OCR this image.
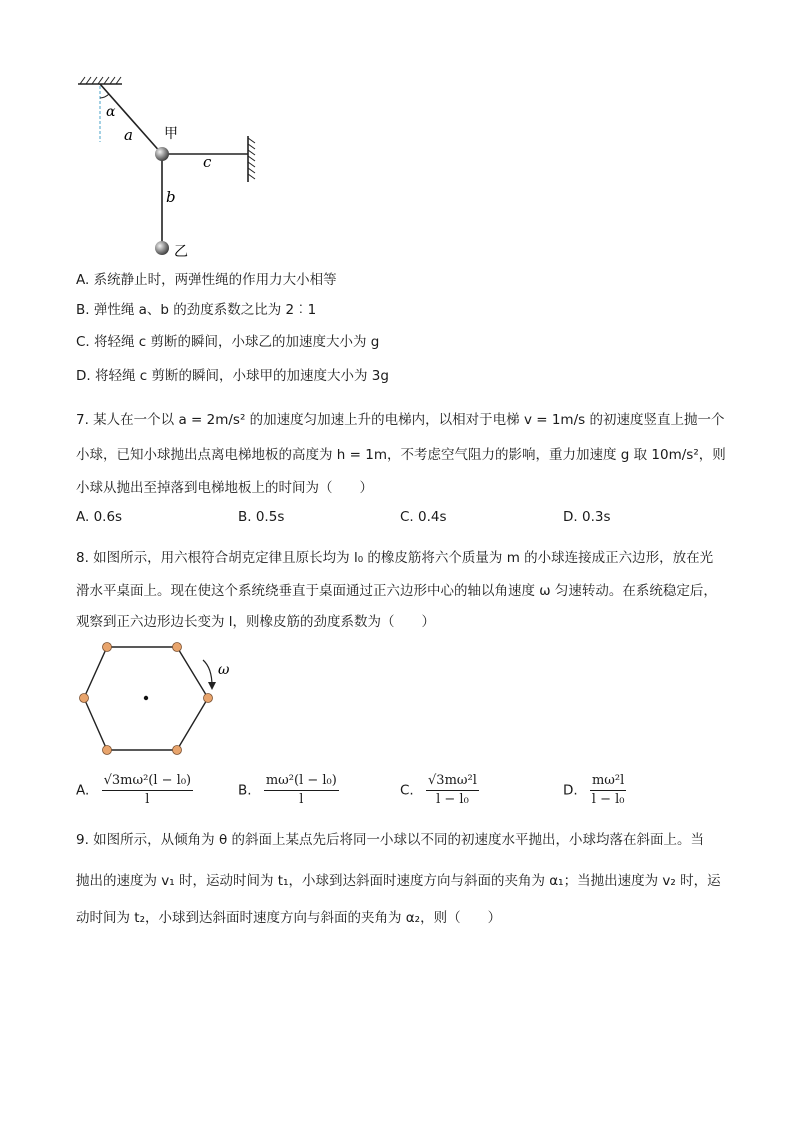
α
a 甲
c
b
乙
A. 系统静止时，两弹性绳的作用力大小相等
B. 弹性绳 a、b 的劲度系数之比为 2︰1
C. 将轻绳 c 剪断的瞬间，小球乙的加速度大小为 g
D. 将轻绳 c 剪断的瞬间，小球甲的加速度大小为 3g
7. 某人在一个以 a = 2m/s² 的加速度匀加速上升的电梯内，以相对于电梯 v = 1m/s 的初速度竖直上抛一个
小球，已知小球抛出点离电梯地板的高度为 h = 1m，不考虑空气阻力的影响，重力加速度 g 取 10m/s²，则
小球从抛出至掉落到电梯地板上的时间为（　　）
A. 0.6s	B. 0.5s	C. 0.4s	D. 0.3s
8. 如图所示，用六根符合胡克定律且原长均为 l₀ 的橡皮筋将六个质量为 m 的小球连接成正六边形，放在光
滑水平桌面上。现在使这个系统绕垂直于桌面通过正六边形中心的轴以角速度 ω 匀速转动。在系统稳定后，
观察到正六边形边长变为 l，则橡皮筋的劲度系数为（　　）
ω
A. $\frac{\text{√3mω²(l − l₀)}}{l}$	B. $\frac{\text{mω²(l − l₀)}}{l}$	C. $\frac{\text{√3mω²l}}{\text{l − l₀}}$	D. $\frac{\text{mω²l}}{\text{l − l₀}}$
9. 如图所示，从倾角为 θ 的斜面上某点先后将同一小球以不同的初速度水平抛出，小球均落在斜面上。当
抛出的速度为 v₁ 时，运动时间为 t₁，小球到达斜面时速度方向与斜面的夹角为 α₁；当抛出速度为 v₂ 时，运
动时间为 t₂，小球到达斜面时速度方向与斜面的夹角为 α₂，则（　　）
